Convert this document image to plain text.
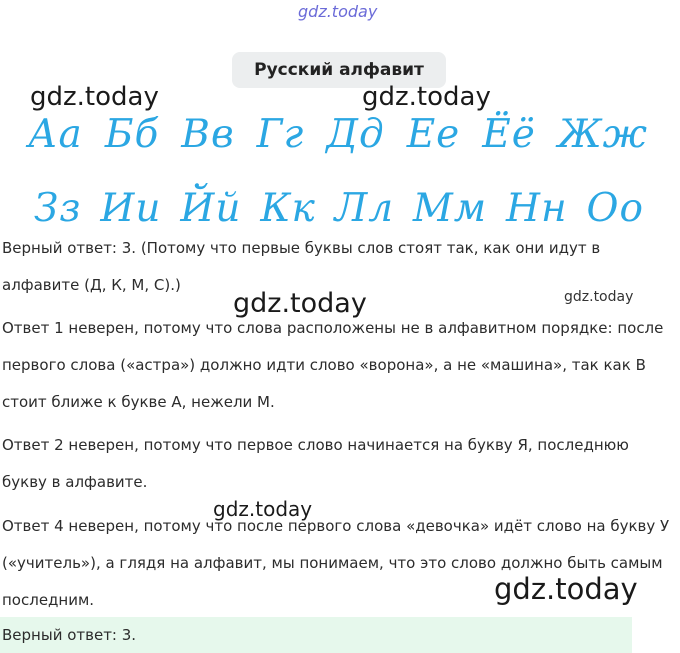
Русский алфавит
Аа Бб Вв Гг Дд Ее Ёё Жж
Зз Ии Йй Кк Лл Мм Нн Оо
Верный ответ: 3. (Потому что первые буквы слов стоят так, как они идут в алфавите (Д, К, М, С).)
Ответ 1 неверен, потому что слова расположены не в алфавитном порядке: после первого слова («астра») должно идти слово «ворона», а не «машина», так как В стоит ближе к букве А, нежели М.
Ответ 2 неверен, потому что первое слово начинается на букву Я, последнюю букву в алфавите.
Ответ 4 неверен, потому что после первого слова «девочка» идёт слово на букву У («учитель»), а глядя на алфавит, мы понимаем, что это слово должно быть самым последним.
Верный ответ: 3.
gdz.today
gdz.today	gdz.today
gdz.today	gdz.today
gdz.today
gdz.today
